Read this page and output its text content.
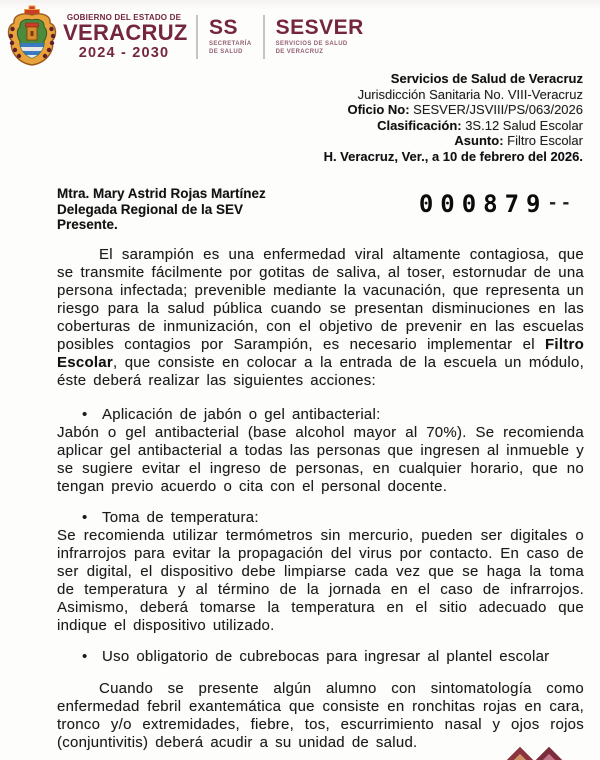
GOBIERNO DEL ESTADO DE
VERACRUZ
2024 - 2030
SS
SECRETARÍA
DE SALUD
SESVER
SERVICIOS DE SALUD
DE VERACRUZ
Servicios de Salud de Veracruz
Jurisdicción Sanitaria No. VIII-Veracruz
Oficio No: SESVER/JSVIII/PS/063/2026
Clasificación: 3S.12 Salud Escolar
Asunto: Filtro Escolar
H. Veracruz, Ver., a 10 de febrero del 2026.
Mtra. Mary Astrid Rojas Martínez
Delegada Regional de la SEV
Presente.
000879--

El sarampión es una enfermedad viral altamente contagiosa, que se transmite fácilmente por gotitas de saliva, al toser, estornudar de una persona infectada; prevenible mediante la vacunación, que representa un riesgo para la salud pública cuando se presentan disminuciones en las coberturas de inmunización, con el objetivo de prevenir en las escuelas posibles contagios por Sarampión, es necesario implementar el Filtro Escolar, que consiste en colocar a la entrada de la escuela un módulo, éste deberá realizar las siguientes acciones:

• Aplicación de jabón o gel antibacterial:

Jabón o gel antibacterial (base alcohol mayor al 70%). Se recomienda aplicar gel antibacterial a todas las personas que ingresen al inmueble y se sugiere evitar el ingreso de personas, en cualquier horario, que no tengan previo acuerdo o cita con el personal docente.

• Toma de temperatura:

Se recomienda utilizar termómetros sin mercurio, pueden ser digitales o infrarrojos para evitar la propagación del virus por contacto. En caso de ser digital, el dispositivo debe limpiarse cada vez que se haga la toma de temperatura y al término de la jornada en el caso de infrarrojos. Asimismo, deberá tomarse la temperatura en el sitio adecuado que indique el dispositivo utilizado.

• Uso obligatorio de cubrebocas para ingresar al plantel escolar

Cuando se presente algún alumno con sintomatología como enfermedad febril exantemática que consiste en ronchitas rojas en cara, tronco y/o extremidades, fiebre, tos, escurrimiento nasal y ojos rojos (conjuntivitis) deberá acudir a su unidad de salud.
